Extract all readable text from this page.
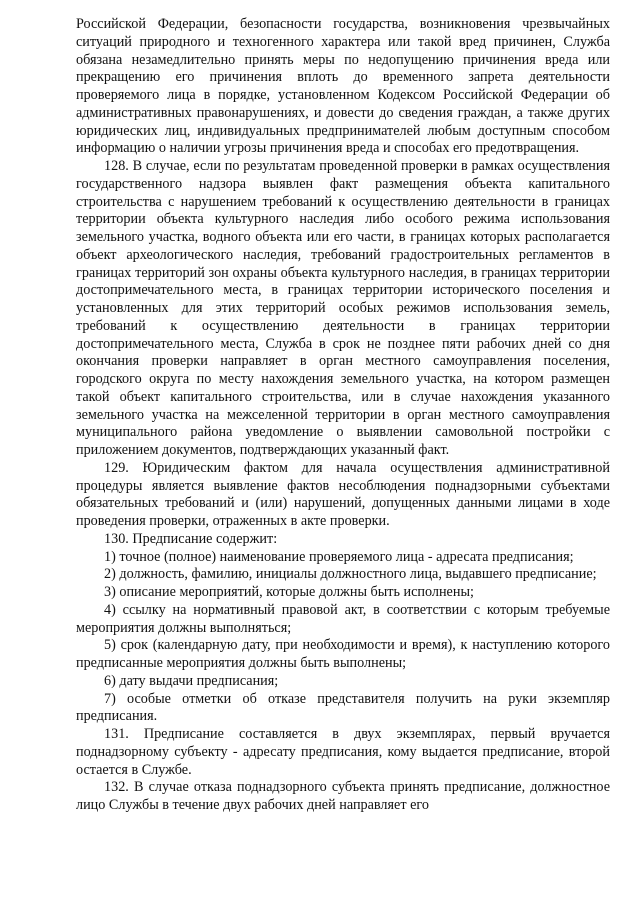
Российской Федерации, безопасности государства, возникновения чрезвычайных ситуаций природного и техногенного характера или такой вред причинен, Служба обязана незамедлительно принять меры по недопущению причинения вреда или прекращению его причинения вплоть до временного запрета деятельности проверяемого лица в порядке, установленном Кодексом Российской Федерации об административных правонарушениях, и довести до сведения граждан, а также других юридических лиц, индивидуальных предпринимателей любым доступным способом информацию о наличии угрозы причинения вреда и способах его предотвращения.

128. В случае, если по результатам проведенной проверки в рамках осуществления государственного надзора выявлен факт размещения объекта капитального строительства с нарушением требований к осуществлению деятельности в границах территории объекта культурного наследия либо особого режима использования земельного участка, водного объекта или его части, в границах которых располагается объект археологического наследия, требований градостроительных регламентов в границах территорий зон охраны объекта культурного наследия, в границах территории достопримечательного места, в границах территории исторического поселения и установленных для этих территорий особых режимов использования земель, требований к осуществлению деятельности в границах территории достопримечательного места, Служба в срок не позднее пяти рабочих дней со дня окончания проверки направляет в орган местного самоуправления поселения, городского округа по месту нахождения земельного участка, на котором размещен такой объект капитального строительства, или в случае нахождения указанного земельного участка на межселенной территории в орган местного самоуправления муниципального района уведомление о выявлении самовольной постройки с приложением документов, подтверждающих указанный факт.

129. Юридическим фактом для начала осуществления административной процедуры является выявление фактов несоблюдения поднадзорными субъектами обязательных требований и (или) нарушений, допущенных данными лицами в ходе проведения проверки, отраженных в акте проверки.

130. Предписание содержит:

1) точное (полное) наименование проверяемого лица - адресата предписания;

2) должность, фамилию, инициалы должностного лица, выдавшего предписание;

3) описание мероприятий, которые должны быть исполнены;

4) ссылку на нормативный правовой акт, в соответствии с которым требуемые мероприятия должны выполняться;

5) срок (календарную дату, при необходимости и время), к наступлению которого предписанные мероприятия должны быть выполнены;

6) дату выдачи предписания;

7) особые отметки об отказе представителя получить на руки экземпляр предписания.

131. Предписание составляется в двух экземплярах, первый вручается поднадзорному субъекту - адресату предписания, кому выдается предписание, второй остается в Службе.

132. В случае отказа поднадзорного субъекта принять предписание, должностное лицо Службы в течение двух рабочих дней направляет его
